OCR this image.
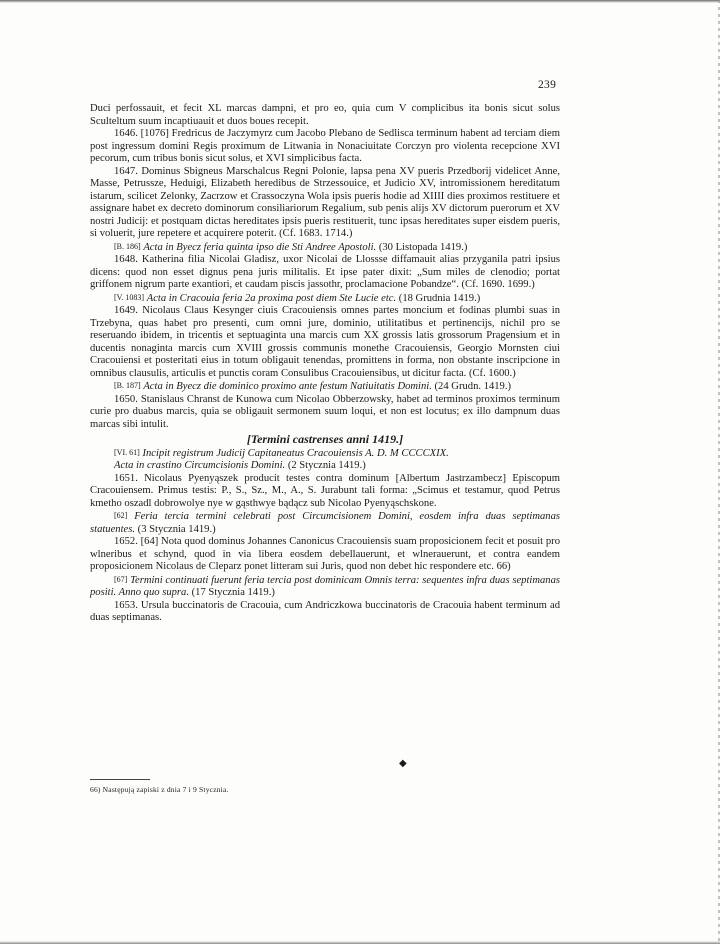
239

Duci perfossauit, et fecit XL marcas dampni, et pro eo, quia cum V complicibus ita bonis sicut solus Sculteltum suum incaptiuauit et duos boues recepit.

1646. [1076] Fredricus de Jaczymyrz cum Jacobo Plebano de Sedlisca terminum habent ad terciam diem post ingressum domini Regis proximum de Litwania in Nonaciuitate Corczyn pro violenta recepcione XVI pecorum, cum tribus bonis sicut solus, et XVI simplicibus facta.

1647. Dominus Sbigneus Marschalcus Regni Polonie, lapsa pena XV pueris Przedborij videlicet Anne, Masse, Petrussze, Heduigi, Elizabeth heredibus de Strzessouice, et Judicio XV, intromissionem hereditatum istarum, scilicet Zelonky, Zacrzow et Crassoczyna Wola ipsis pueris hodie ad XIIII dies proximos restituere et assignare habet ex decreto dominorum consiliariorum Regalium, sub penis alijs XV dictorum puerorum et XV nostri Judicij: et postquam dictas hereditates ipsis pueris restituerit, tunc ipsas hereditates super eisdem pueris, si voluerit, jure repetere et acquirere poterit. (Cf. 1683. 1714.)

[B. 186] Acta in Byecz feria quinta ipso die Sti Andree Apostoli. (30 Listopada 1419.)

1648. Katherina filia Nicolai Gladisz, uxor Nicolai de Llossse diffamauit alias przyganila patri ipsius dicens: quod non esset dignus pena juris militalis. Et ipse pater dixit: „Sum miles de clenodio; portat griffonem nigrum parte exantiori, et caudam piscis jassothr, proclamacione Pobandze“. (Cf. 1690. 1699.)

[V. 1083] Acta in Cracouia feria 2a proxima post diem Ste Lucie etc. (18 Grudnia 1419.)

1649. Nicolaus Claus Kesynger ciuis Cracouiensis omnes partes moncium et fodinas plumbi suas in Trzebyna, quas habet pro presenti, cum omni jure, dominio, utilitatibus et pertinencijs, nichil pro se reseruando ibidem, in tricentis et septuaginta una marcis cum XX grossis latis grossorum Pragensium et in ducentis nonaginta marcis cum XVIII grossis communis monethe Cracouiensis, Georgio Mornsten ciui Cracouiensi et posteritati eius in totum obligauit tenendas, promittens in forma, non obstante inscripcione in omnibus clausulis, articulis et punctis coram Consulibus Cracouiensibus, ut dicitur facta. (Cf. 1600.)

[B. 187] Acta in Byecz die dominico proximo ante festum Natiuitatis Domini. (24 Grudn. 1419.)

1650. Stanislaus Chranst de Kunowa cum Nicolao Obberzowsky, habet ad terminos proximos terminum curie pro duabus marcis, quia se obligauit sermonem suum loqui, et non est locutus; ex illo dampnum duas marcas sibi intulit.

[Termini castrenses anni 1419.]

[VI. 61] Incipit registrum Judicij Capitaneatus Cracouiensis A. D. M CCCCXIX.

Acta in crastino Circumcisionis Domini. (2 Stycznia 1419.)

1651. Nicolaus Pyenyąszek producit testes contra dominum [Albertum Jastrzambecz] Episcopum Cracouiensem. Primus testis: P., S., Sz., M., A., S. Jurabunt tali forma: „Scimus et testamur, quod Petrus kmetho oszadl dobrowolye nye w gąsthwye bądącz sub Nicolao Pyenyąschskone.

[62] Feria tercia termini celebrati post Circumcisionem Domini, eosdem infra duas septimanas statuentes. (3 Stycznia 1419.)

1652. [64] Nota quod dominus Johannes Canonicus Cracouiensis suam proposicionem fecit et posuit pro wlneribus et schynd, quod in via libera eosdem debellauerunt, et wlnerauerunt, et contra eandem proposicionem Nicolaus de Cleparz ponet litteram sui Juris, quod non debet hic respondere etc. 66)

[67] Termini continuati fuerunt feria tercia post dominicam Omnis terra: sequentes infra duas septimanas positi. Anno quo supra. (17 Stycznia 1419.)

1653. Ursula buccinatoris de Cracouia, cum Andriczkowa buccinatoris de Cracouia habent terminum ad duas septimanas.

◆
66) Następują zapiski z dnia 7 i 9 Stycznia.
